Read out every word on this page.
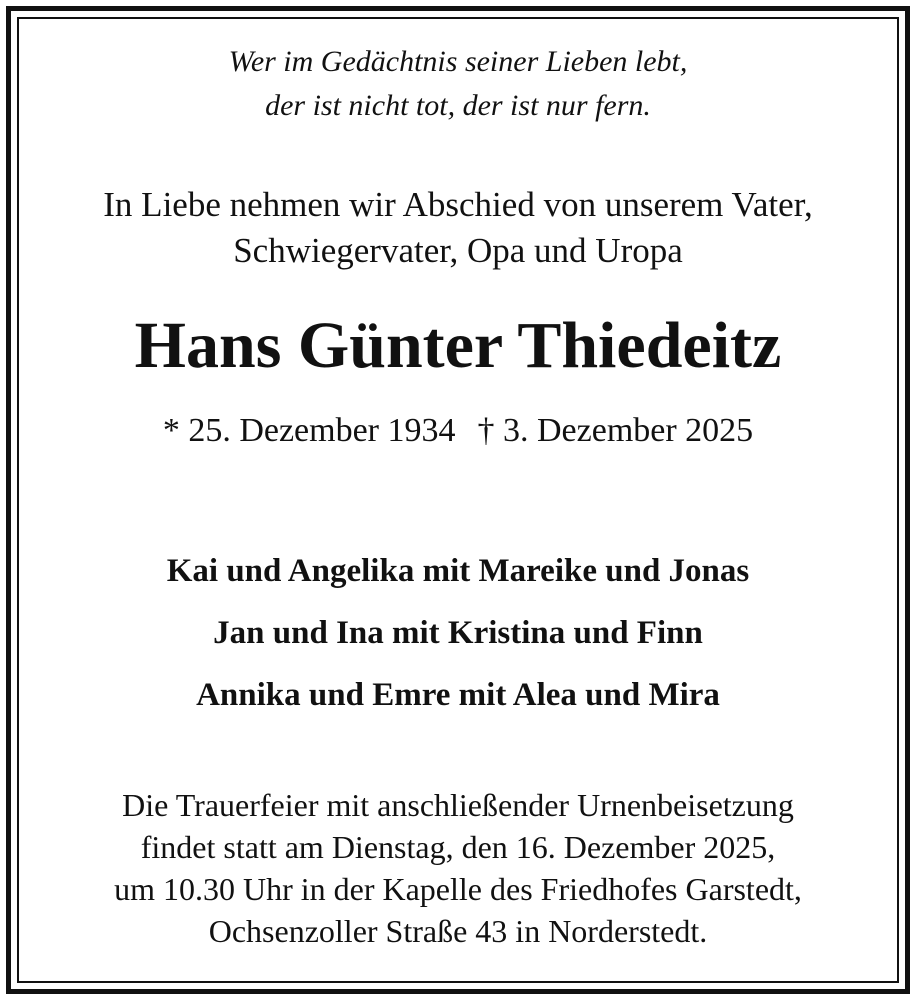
Wer im Gedächtnis seiner Lieben lebt,
der ist nicht tot, der ist nur fern.
In Liebe nehmen wir Abschied von unserem Vater,
Schwiegervater, Opa und Uropa
Hans Günter Thiedeitz
* 25. Dezember 1934 † 3. Dezember 2025
Kai und Angelika mit Mareike und Jonas
Jan und Ina mit Kristina und Finn
Annika und Emre mit Alea und Mira
Die Trauerfeier mit anschließender Urnenbeisetzung
findet statt am Dienstag, den 16. Dezember 2025,
um 10.30 Uhr in der Kapelle des Friedhofes Garstedt,
Ochsenzoller Straße 43 in Norderstedt.
